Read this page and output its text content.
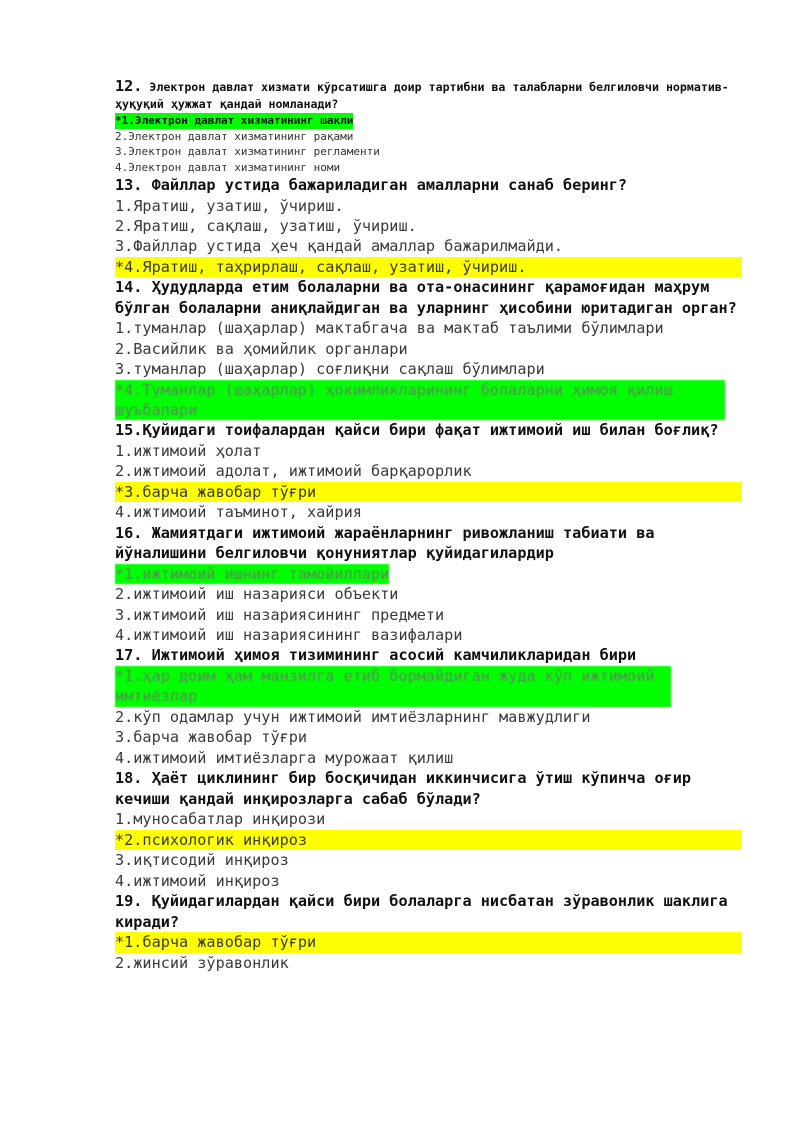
12. Электрон давлат хизмати кўрсатишга доир тартибни ва талабларни белгиловчи норматив- ҳуқуқий ҳужжат қандай номланади?
*1.Электрон давлат хизматининг шакли
2.Электрон давлат хизматининг рақами
3.Электрон давлат хизматининг регламенти
4.Электрон давлат хизматининг номи
13. Файллар устида бажариладиган амалларни санаб беринг?
1.Яратиш, узатиш, ўчириш.
2.Яратиш, сақлаш, узатиш, ўчириш.
3.Файллар устида ҳеч қандай амаллар бажарилмайди.
*4.Яратиш, таҳрирлаш, сақлаш, узатиш, ўчириш.
14. Ҳудудларда етим болаларни ва ота-онасининг қарамоғидан маҳрум бўлган болаларни аниқлайдиган ва уларнинг ҳисобини юритадиган орган?
1.туманлар (шаҳарлар) мактабгача ва мактаб таълими бўлимлари
2.Васийлик ва ҳомийлик органлари
3.туманлар (шаҳарлар) соғлиқни сақлаш бўлимлари
*4.Туманлар (шаҳарлар) ҳокимликларининг болаларни ҳимоя қилиш шуъбалари
15.Қуйидаги тоифалардан қайси бири фақат ижтимоий иш билан боғлиқ?
1.ижтимоий ҳолат
2.ижтимоий адолат, ижтимоий барқарорлик
*3.барча жавобар тўғри
4.ижтимоий таъминот, хайрия
16. Жамиятдаги ижтимоий жараёнларнинг ривожланиш табиати ва йўналишини белгиловчи қонуниятлар қуйидагилардир
*1.ижтимоий ишнинг тамойиллари
2.ижтимоий иш назарияси объекти
3.ижтимоий иш назариясининг предмети
4.ижтимоий иш назариясининг вазифалари
17. Ижтимоий ҳимоя тизимининг асосий камчиликларидан бири
*1.ҳар доим ҳам манзилга етиб бормайдиган жуда кўп ижтимоий имтиёзлар
2.кўп одамлар учун ижтимоий имтиёзларнинг мавжудлиги
3.барча жавобар тўғри
4.ижтимоий имтиёзларга мурожаат қилиш
18. Ҳаёт циклининг бир босқичидан иккинчисига ўтиш кўпинча оғир кечиши қандай инқирозларга сабаб бўлади?
1.муносабатлар инқирози
*2.психологик инқироз
3.иқтисодий инқироз
4.ижтимоий инқироз
19. Қуйидагилардан қайси бири болаларга нисбатан зўравонлик шаклига киради?
*1.барча жавобар тўғри
2.жинсий зўравонлик
